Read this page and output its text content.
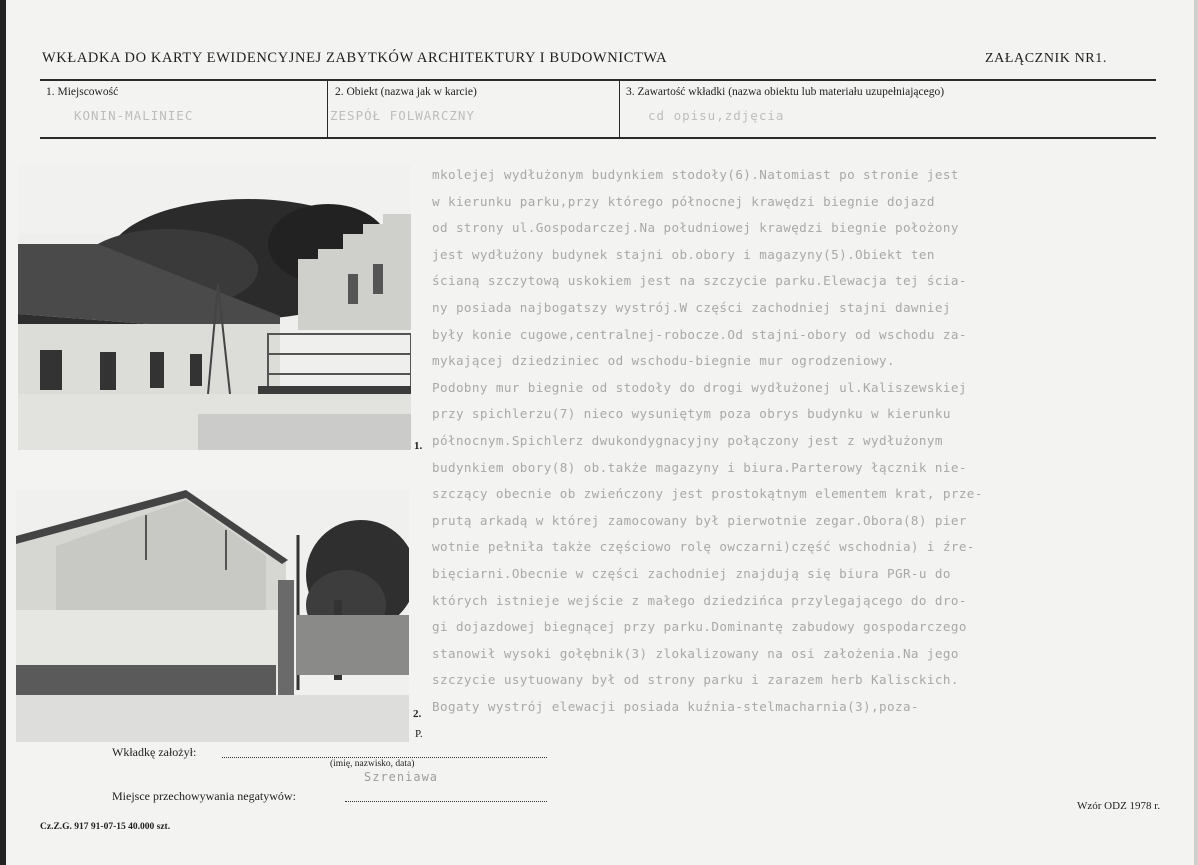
WKŁADKA DO KARTY EWIDENCYJNEJ ZABYTKÓW ARCHITEKTURY I BUDOWNICTWA	ZAŁĄCZNIK NR1.
1. Miejscowość
KONIN-MALINIEC
2. Obiekt (nazwa jak w karcie)
ZESPÓŁ FOLWARCZNY
3. Zawartość wkładki (nazwa obiektu lub materiału uzupełniającego)
cd opisu,zdjęcia
mkolejej wydłużonym budynkiem stodoły(6).Natomiast po stronie jest
w kierunku parku,przy którego północnej krawędzi biegnie dojazd
od strony ul.Gospodarczej.Na południowej krawędzi biegnie położony
jest wydłużony budynek stajni ob.obory i magazyny(5).Obiekt ten
ścianą szczytową uskokiem jest na szczycie parku.Elewacja tej ścia-
ny posiada najbogatszy wystrój.W części zachodniej stajni dawniej
były konie cugowe,centralnej-robocze.Od stajni-obory od wschodu za-
mykającej dziedziniec od wschodu-biegnie mur ogrodzeniowy.
Podobny mur biegnie od stodoły do drogi wydłużonej ul.Kaliszewskiej
przy spichlerzu(7) nieco wysuniętym poza obrys budynku w kierunku
północnym.Spichlerz dwukondygnacyjny połączony jest z wydłużonym
budynkiem obory(8) ob.także magazyny i biura.Parterowy łącznik nie-
szczący obecnie ob zwieńczony jest prostokątnym elementem krat, prze-
prutą arkadą w której zamocowany był pierwotnie zegar.Obora(8) pier
wotnie pełniła także częściowo rolę owczarni)część wschodnia) i źre-
bięciarni.Obecnie w części zachodniej znajdują się biura PGR-u do
których istnieje wejście z małego dziedzińca przylegającego do dro-
gi dojazdowej biegnącej przy parku.Dominantę zabudowy gospodarczego
stanowił wysoki gołębnik(3) zlokalizowany na osi założenia.Na jego
szczycie usytuowany był od strony parku i zarazem herb Kalisckich.
Bogaty wystrój elewacji posiada kuźnia-stelmacharnia(3),poza-
1.
2.
P.
Wkładkę założył:
(imię, nazwisko, data)
Szreniawa
Miejsce przechowywania negatywów:
Cz.Z.G. 917 91-07-15 40.000 szt.
Wzór ODZ 1978 r.
